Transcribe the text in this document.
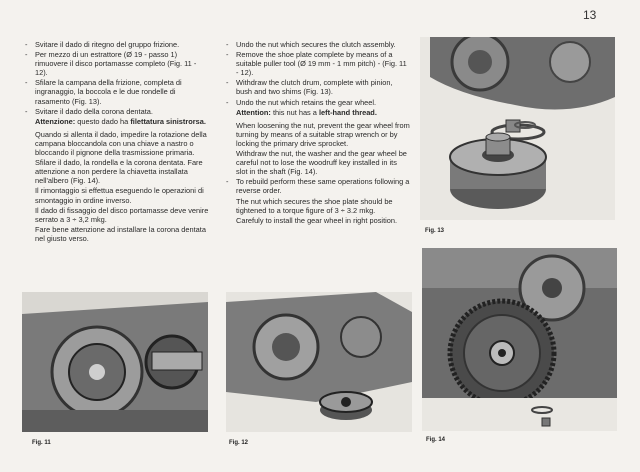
13

- Svitare il dado di ritegno del gruppo frizione.

- Per mezzo di un estrattore (Ø 19 - passo 1) rimuovere il disco portamasse completo (Fig. 11 - 12).

- Sfilare la campana della frizione, completa di ingranaggio, la boccola e le due rondelle di rasamento (Fig. 13).

- Svitare il dado della corona dentata.

Attenzione: questo dado ha filettatura sinistrorsa.

Quando si allenta il dado, impedire la rotazione della campana bloccandola con una chiave a nastro o bloccando il pignone della trasmissione primaria.

Sfilare il dado, la rondella e la corona dentata. Fare attenzione a non perdere la chiavetta installata nell'albero (Fig. 14).

Il rimontaggio si effettua eseguendo le operazioni di smontaggio in ordine inverso.

Il dado di fissaggio del disco portamasse deve venire serrato a 3 ÷ 3,2 mkg.

Fare bene attenzione ad installare la corona dentata nel giusto verso.

- Undo the nut which secures the clutch assembly.

- Remove the shoe plate complete by means of a suitable puller tool (Ø 19 mm - 1 mm pitch) - (Fig. 11 - 12).

- Withdraw the clutch drum, complete with pinion, bush and two shims (Fig. 13).

- Undo the nut which retains the gear wheel.

Attention: this nut has a left-hand thread.

When loosening the nut, prevent the gear wheel from turning by means of a suitable strap wrench or by locking the primary drive sprocket.

Withdraw the nut, the washer and the gear wheel be careful not to lose the woodruff key installed in its slot in the shaft (Fig. 14).

- To rebuild perform these same operations following a reverse order.

The nut which secures the shoe plate should be tightened to a torque figure of 3 ÷ 3.2 mkg.

Carefuly to install the gear wheel in right position.

Fig. 13
Fig. 14
Fig. 11	Fig. 12
